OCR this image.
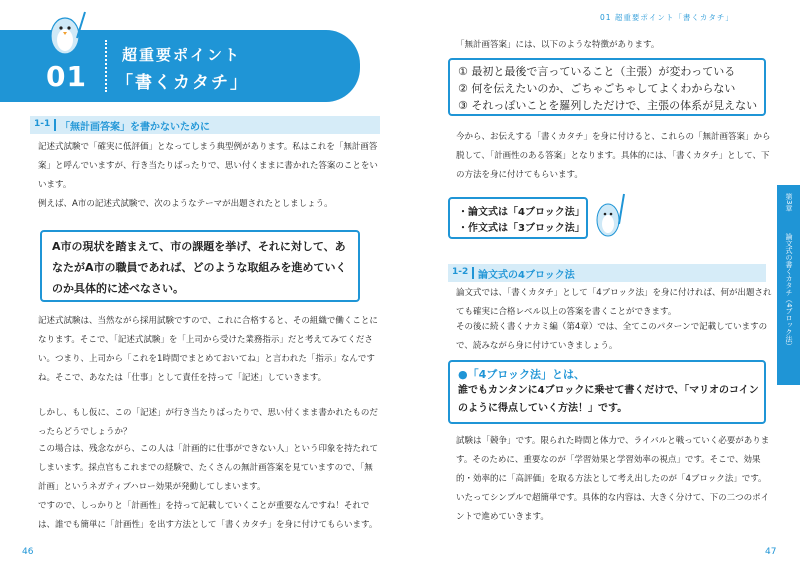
01
超重要ポイント
「書くカタチ」
1-1 「無計画答案」を書かないために

記述式試験で「確実に低評価」となってしまう典型例があります。私はこれを「無計画答案」と呼んでいますが、行き当たりばったりで、思い付くままに書かれた答案のことをいいます。

例えば、A市の記述式試験で、次のようなテーマが出題されたとしましょう。

A市の現状を踏まえて、市の課題を挙げ、それに対して、あなたがA市の職員であれば、どのような取組みを進めていくのか具体的に述べなさい。

記述式試験は、当然ながら採用試験ですので、これに合格すると、その組織で働くことになります。そこで、「記述式試験」を「上司から受けた業務指示」だと考えてみてください。つまり、上司から「これを1時間でまとめておいてね」と言われた「指示」なんですね。そこで、あなたは「仕事」として責任を持って「記述」していきます。

しかし、もし仮に、この「記述」が行き当たりばったりで、思い付くまま書かれたものだったらどうでしょうか？

この場合は、残念ながら、この人は「計画的に仕事ができない人」という印象を持たれてしまいます。採点官もこれまでの経験で、たくさんの無計画答案を見ていますので、「無計画」というネガティブハロー効果が発動してしまいます。

ですので、しっかりと「計画性」を持って記載していくことが重要なんですね！それでは、誰でも簡単に「計画性」を出す方法として「書くカタチ」を身に付けてもらいます。

46
01 超重要ポイント「書くカタチ」

「無計画答案」には、以下のような特徴があります。

① 最初と最後で言っていること（主張）が変わっている
② 何を伝えたいのか、ごちゃごちゃしてよくわからない
③ それっぽいことを羅列しただけで、主張の体系が見えない

今から、お伝えする「書くカタチ」を身に付けると、これらの「無計画答案」から脱して、「計画性のある答案」となります。具体的には、「書くカタチ」として、下の方法を身に付けてもらいます。

・論文式は「4ブロック法」
・作文式は「3ブロック法」
1-2 論文式の4ブロック法

論文式では、「書くカタチ」として「4ブロック法」を身に付ければ、何が出題されても確実に合格レベル以上の答案を書くことができます。

その後に続く書くナカミ編（第4章）では、全てこのパターンで記載していますので、読みながら身に付けていきましょう。

●「4ブロック法」とは、
誰でもカンタンに4ブロックに乗せて書くだけで、「マリオのコインのように得点していく方法！」です。

試験は「競争」です。限られた時間と体力で、ライバルと戦っていく必要があります。そのために、重要なのが「学習効果と学習効率の視点」です。そこで、効果的・効率的に「高評価」を取る方法として考え出したのが「4ブロック法」です。いたってシンプルで超簡単です。具体的な内容は、大きく分けて、下の二つのポイントで進めていきます。

第3章
論文式の書くカタチ（4ブロック法）
47
